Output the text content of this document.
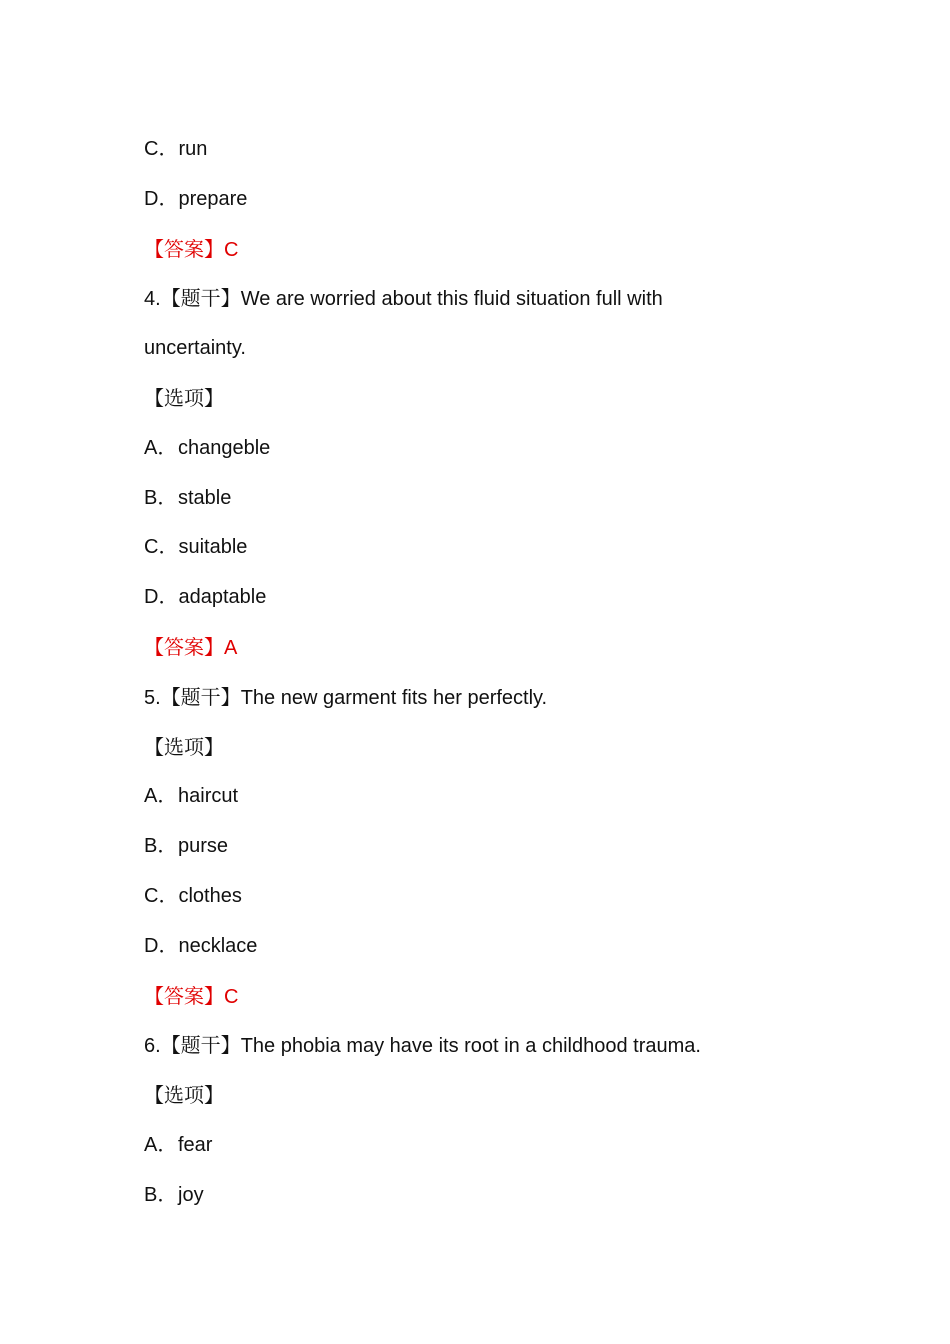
C．run
D．prepare
【答案】C
4.【题干】We are worried about this fluid situation full with
uncertainty.
【选项】
A．changeble
B．stable
C．suitable
D．adaptable
【答案】A
5.【题干】The new garment fits her perfectly.
【选项】
A．haircut
B．purse
C．clothes
D．necklace
【答案】C
6.【题干】The phobia may have its root in a childhood trauma.
【选项】
A．fear
B．joy
